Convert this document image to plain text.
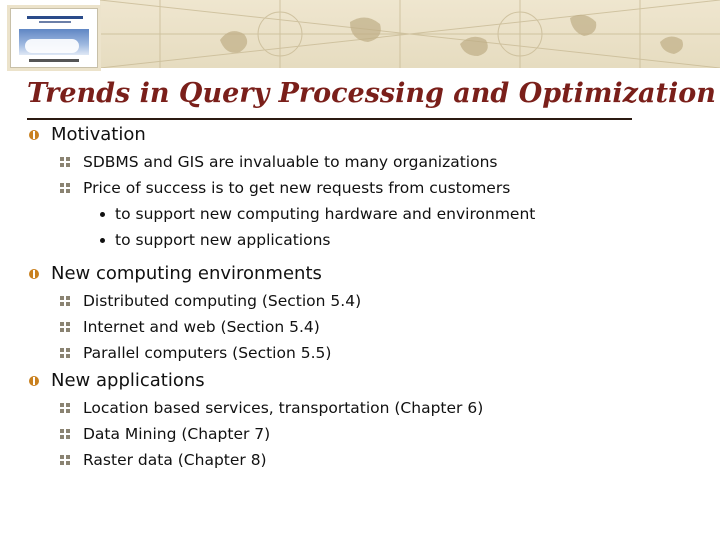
Trends in Query Processing and Optimization
Motivation
SDBMS and GIS are invaluable to many organizations
Price of success is to get new requests from customers
to support new computing hardware and environment
to support new applications
New computing environments
Distributed computing (Section 5.4)
Internet and web (Section 5.4)
Parallel computers (Section 5.5)
New applications
Location based services, transportation (Chapter 6)
Data Mining (Chapter 7)
Raster data (Chapter 8)
